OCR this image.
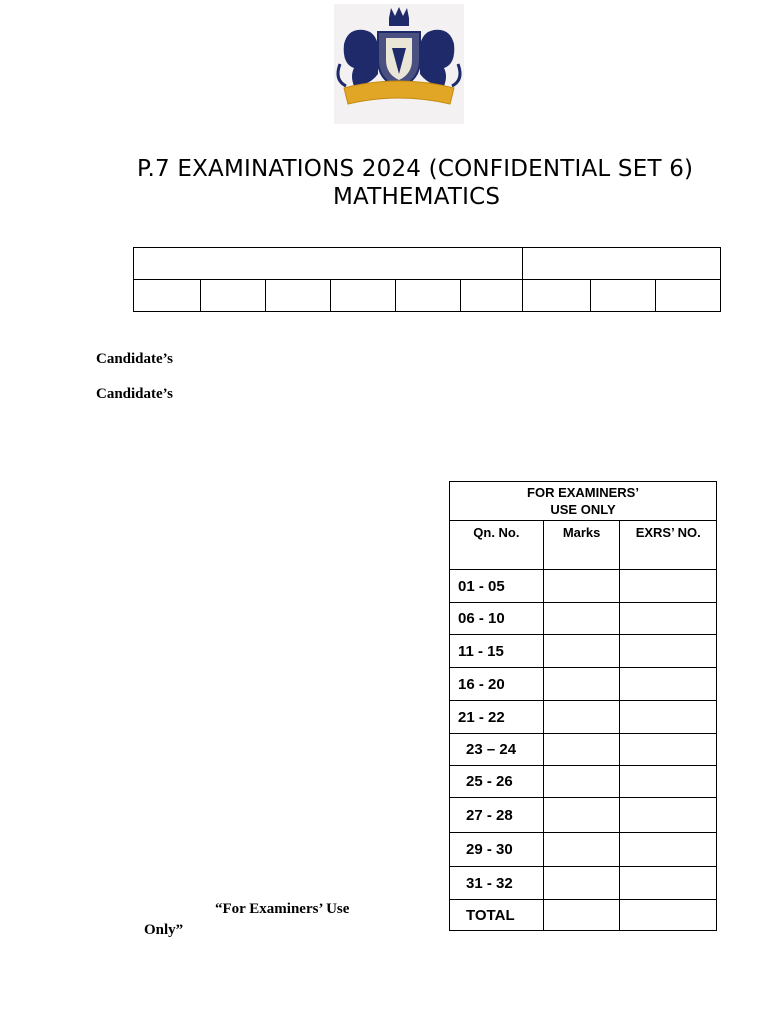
P.7 EXAMINATIONS 2024 (CONFIDENTIAL SET 6)
MATHEMATICS
Candidate’s
Candidate’s
“For Examiners’ Use
Only”
FOR EXAMINERS’
USE ONLY		
Qn. No.	Marks	EXRS’ NO.
01 - 05		
06 - 10		
11 - 15		
16 - 20		
21 - 22		
23 – 24		
25 - 26		
27 - 28		
29 - 30		
31 - 32		
TOTAL		
